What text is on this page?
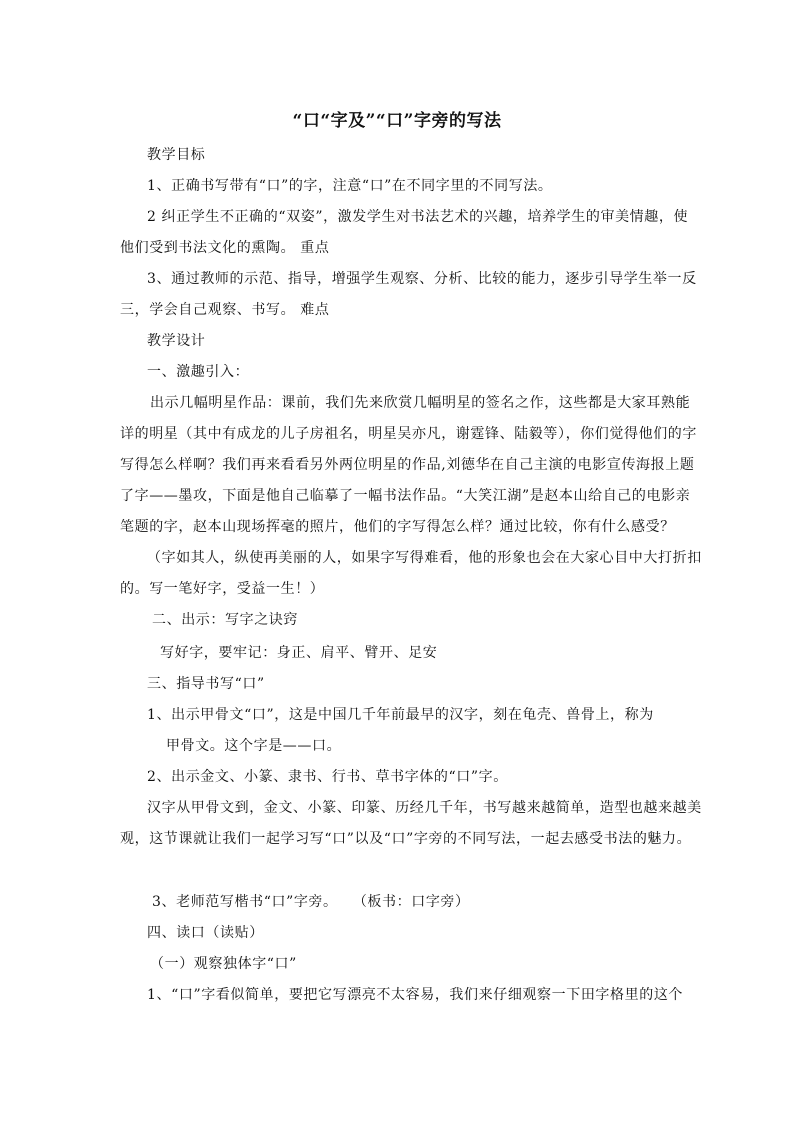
“口“字及”“口”字旁的写法
教学目标
1、正确书写带有“口”的字，注意“口”在不同字里的不同写法。
2 纠正学生不正确的“双姿”，激发学生对书法艺术的兴趣，培养学生的审美情趣，使
他们受到书法文化的熏陶。 重点
3、通过教师的示范、指导，增强学生观察、分析、比较的能力，逐步引导学生举一反
三，学会自己观察、书写。 难点
教学设计
一、激趣引入：
出示几幅明星作品：课前，我们先来欣赏几幅明星的签名之作，这些都是大家耳熟能
详的明星（其中有成龙的儿子房祖名，明星吴亦凡，谢霆锋、陆毅等），你们觉得他们的字
写得怎么样啊？我们再来看看另外两位明星的作品,刘德华在自己主演的电影宣传海报上题
了字——墨攻，下面是他自己临摹了一幅书法作品。“大笑江湖”是赵本山给自己的电影亲
笔题的字，赵本山现场挥毫的照片，他们的字写得怎么样？通过比较，你有什么感受？
（字如其人，纵使再美丽的人，如果字写得难看，他的形象也会在大家心目中大打折扣
的。写一笔好字，受益一生！）
二、出示：写字之诀窍
写好字，要牢记：身正、肩平、臂开、足安
三、指导书写“口”
1、出示甲骨文“口”，这是中国几千年前最早的汉字，刻在龟壳、兽骨上，称为
甲骨文。这个字是——口。
2、出示金文、小篆、隶书、行书、草书字体的“口”字。
汉字从甲骨文到，金文、小篆、印篆、历经几千年，书写越来越简单，造型也越来越美
观，这节课就让我们一起学习写“口”以及“口”字旁的不同写法，一起去感受书法的魅力。
3、老师范写楷书“口”字旁。　　（板书：口字旁）
四、读口（读贴）
（一）观察独体字“口”
1、“口”字看似简单，要把它写漂亮不太容易，我们来仔细观察一下田字格里的这个
